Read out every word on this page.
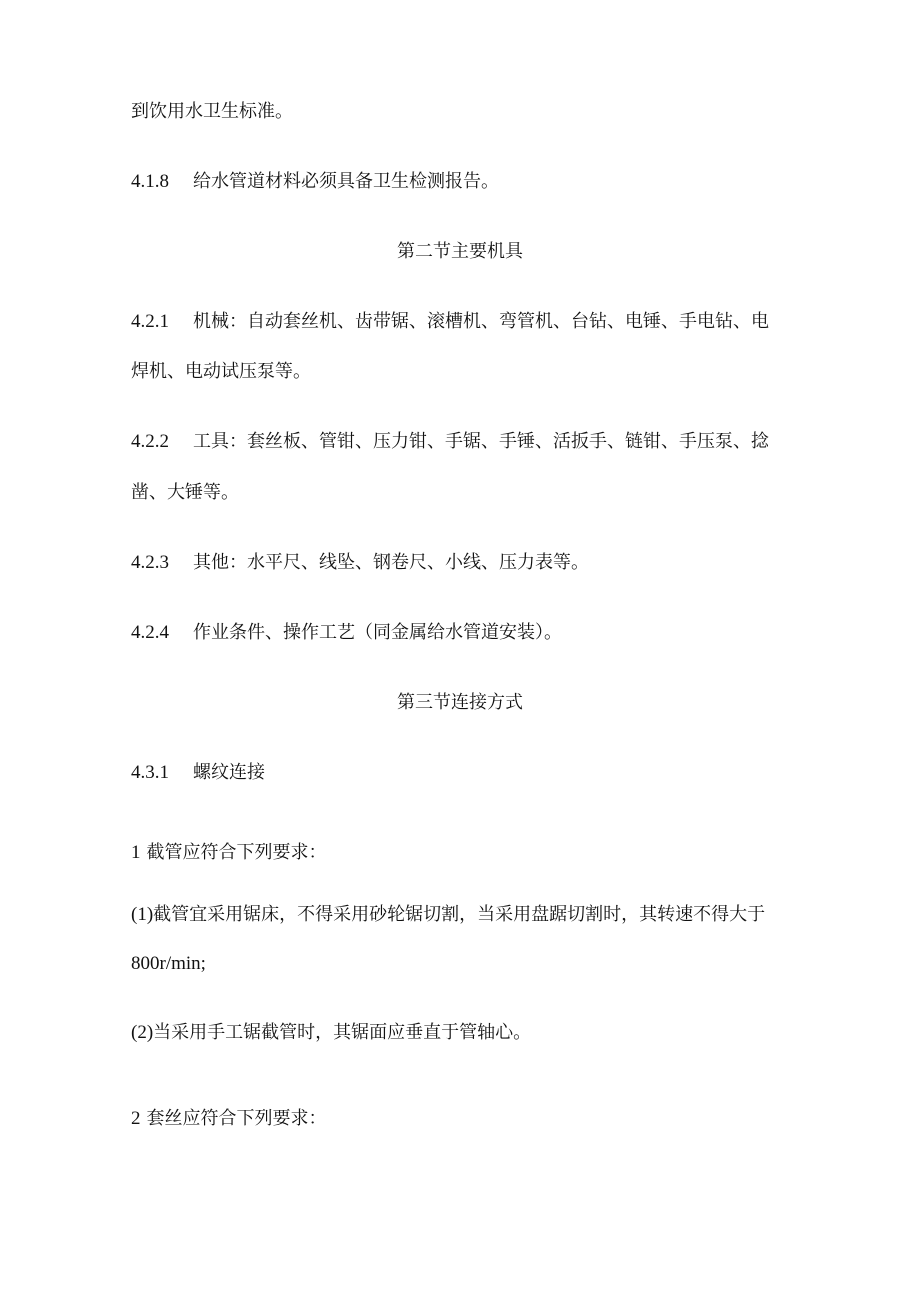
到饮用水卫生标准。
4.1.8 给水管道材料必须具备卫生检测报告。
第二节主要机具
4.2.1 机械：自动套丝机、齿带锯、滚槽机、弯管机、台钻、电锤、手电钻、电
焊机、电动试压泵等。
4.2.2 工具：套丝板、管钳、压力钳、手锯、手锤、活扳手、链钳、手压泵、捻
凿、大锤等。
4.2.3 其他：水平尺、线坠、钢卷尺、小线、压力表等。
4.2.4 作业条件、操作工艺（同金属给水管道安装）。
第三节连接方式
4.3.1 螺纹连接
1 截管应符合下列要求：
(1)截管宜采用锯床，不得采用砂轮锯切割，当采用盘踞切割时，其转速不得大于
800r/min;
(2)当采用手工锯截管时，其锯面应垂直于管轴心。
2 套丝应符合下列要求：
